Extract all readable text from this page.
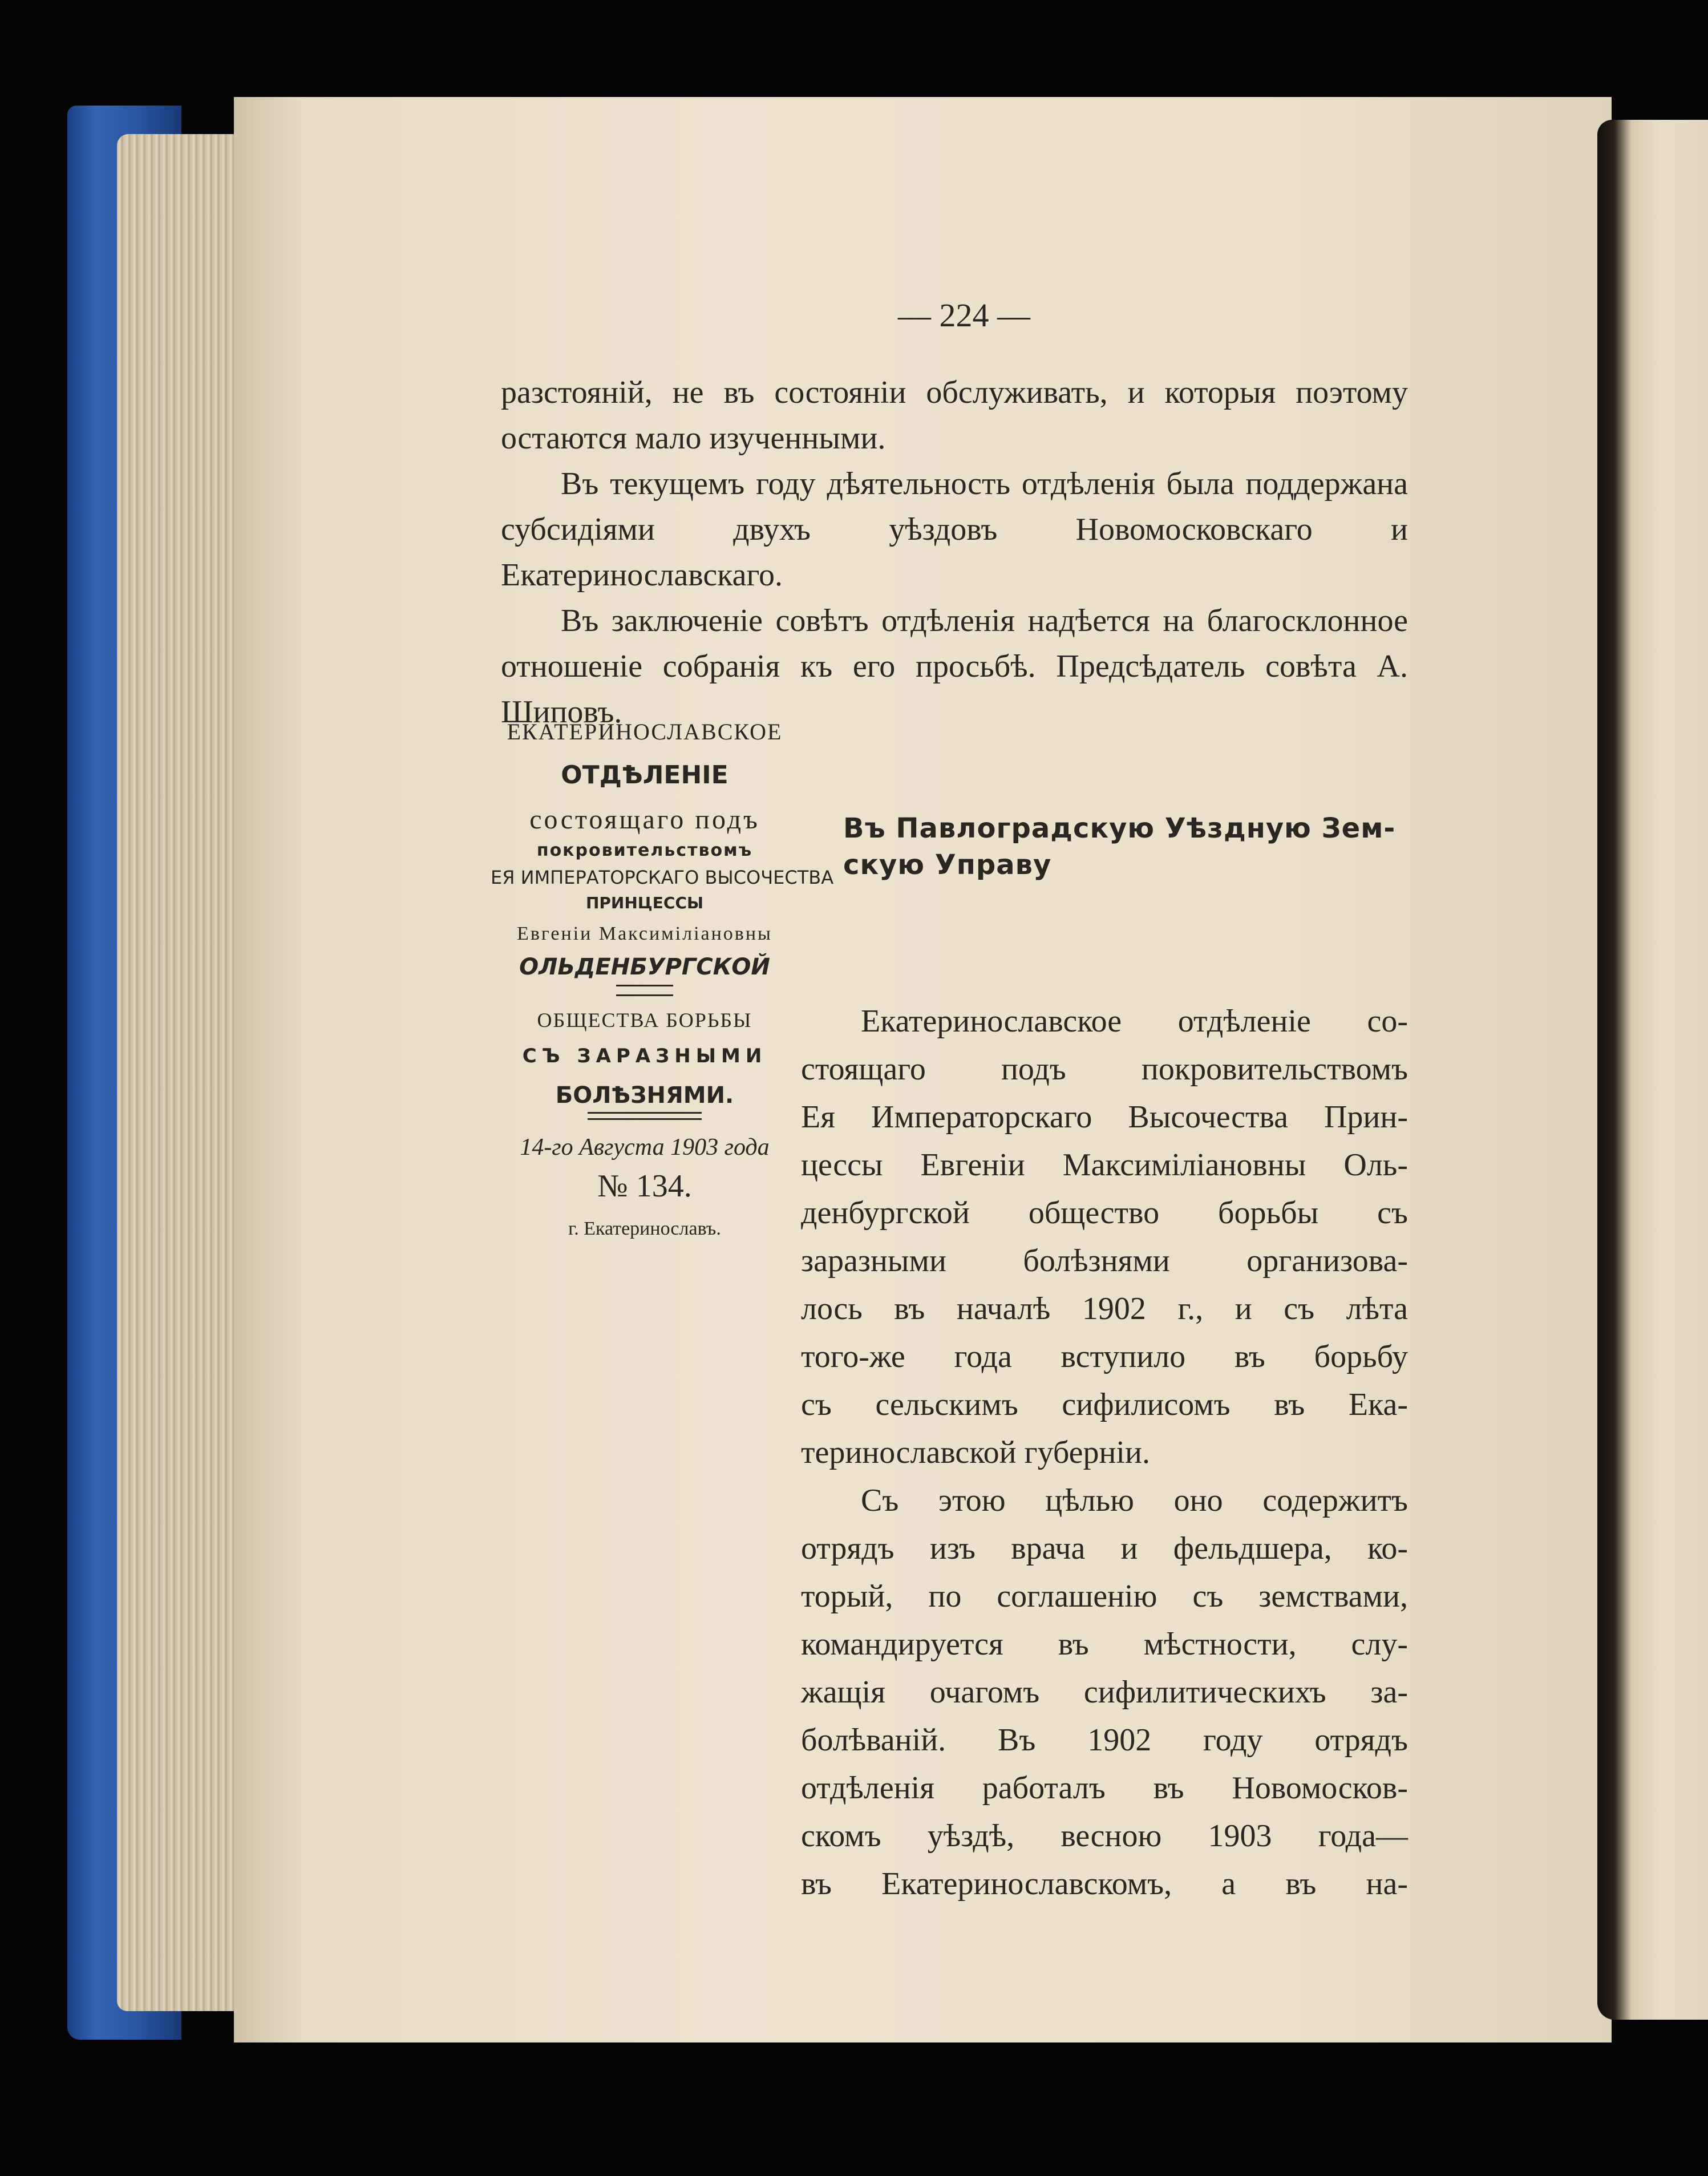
— 224 —

разстояній, не въ состояніи обслуживать, и которыя поэтому остаются мало изученными.

Въ текущемъ году дѣятельность отдѣленія была поддержана субсидіями двухъ уѣздовъ Новомосковскаго и Екатеринославскаго.

Въ заключеніе совѣтъ отдѣленія надѣется на благосклонное отношеніе собранія къ его просьбѣ. Предсѣдатель совѣта А. Шиповъ.

ЕКАТЕРИНОСЛАВСКОЕ
ОТДѢЛЕНІЕ
состоящаго подъ
покровительствомъ
ЕЯ ИМПЕРАТОРСКАГО ВЫСОЧЕСТВА
ПРИНЦЕССЫ
Евгеніи Максиміліановны
ОЛЬДЕНБУРГСКОЙ
ОБЩЕСТВА БОРЬБЫ
СЪ ЗАРАЗНЫМИ
БОЛѢЗНЯМИ.
14-го Августа 1903 года
№ 134.
г. Екатеринославъ.
Въ Павлоградскую Уѣздную Зем-
скую Управу

Екатеринославское отдѣленіе со-
стоящаго подъ покровительствомъ
Ея Императорскаго Высочества Прин-
цессы Евгеніи Максиміліановны Оль-
денбургской общество борьбы съ
заразными болѣзнями организова-
лось въ началѣ 1902 г., и съ лѣта
того-же года вступило въ борьбу
съ сельскимъ сифилисомъ въ Ека-
теринославской губерніи.

Съ этою цѣлью оно содержитъ
отрядъ изъ врача и фельдшера, ко-
торый, по соглашенію съ земствами,
командируется въ мѣстности, слу-
жащія очагомъ сифилитическихъ за-
болѣваній. Въ 1902 году отрядъ
отдѣленія работалъ въ Новомосков-
скомъ уѣздѣ, весною 1903 года—
въ Екатеринославскомъ, а въ на-
